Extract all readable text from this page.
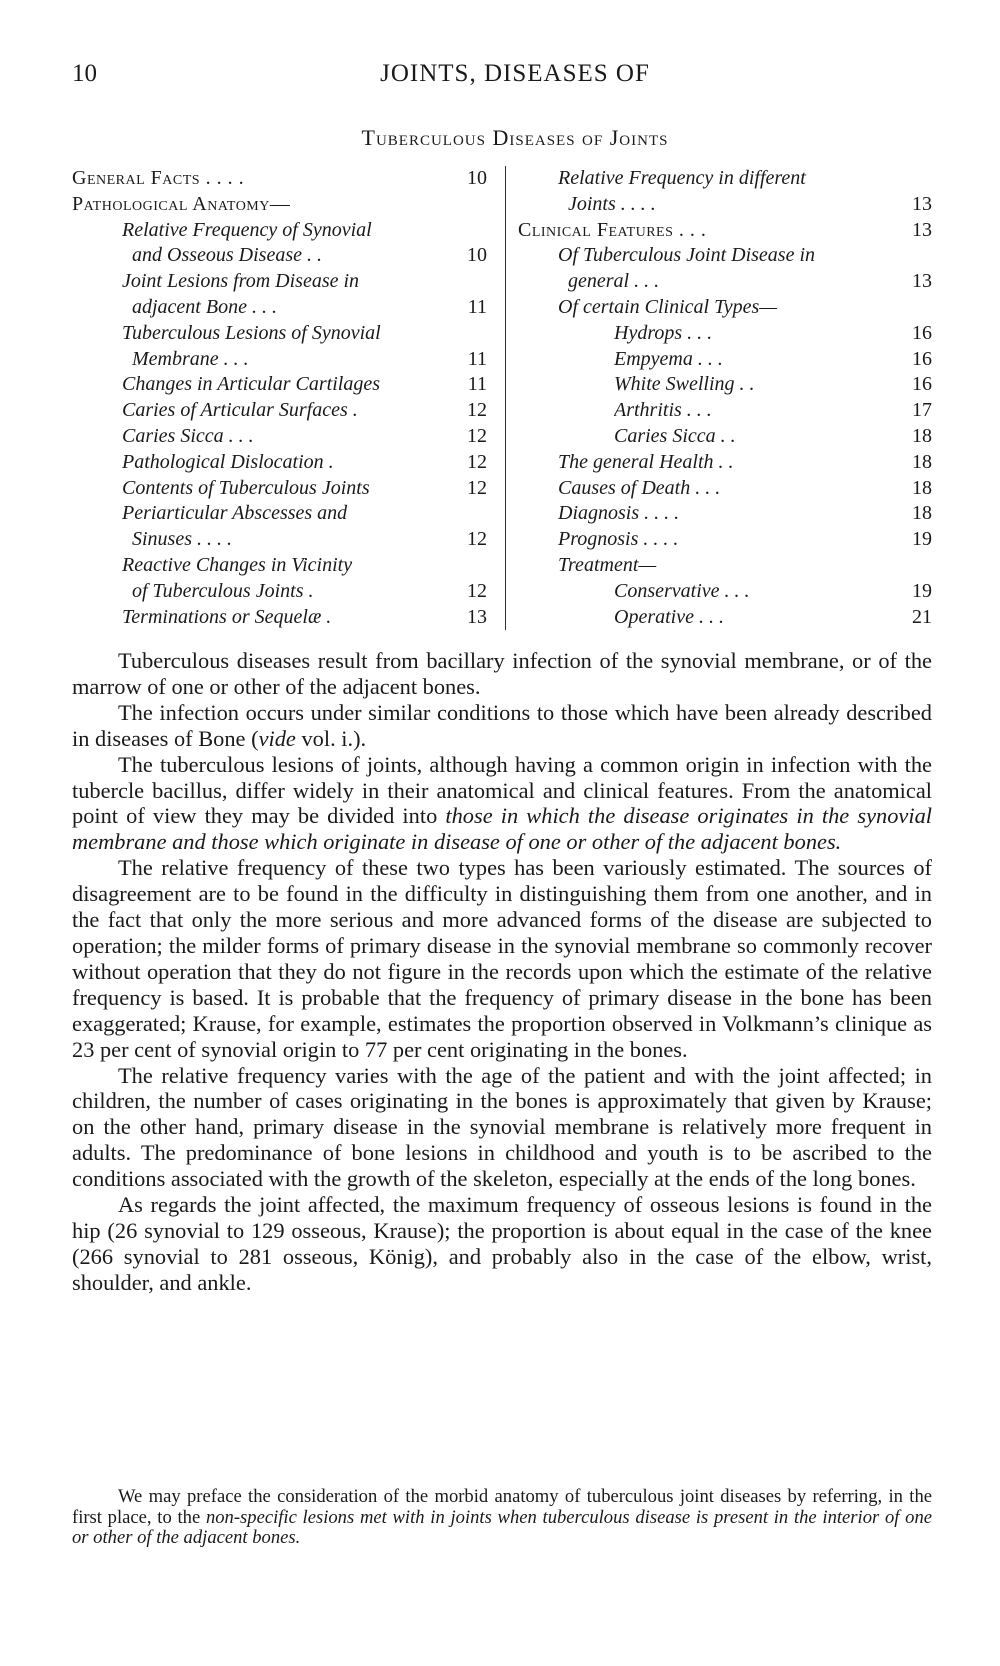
10	JOINTS, DISEASES OF
Tuberculous Diseases of Joints
General Facts . . . .	10
Pathological Anatomy—
Relative Frequency of Synovial
and Osseous Disease . .	10
Joint Lesions from Disease in
adjacent Bone . . .	11
Tuberculous Lesions of Synovial
Membrane . . .	11
Changes in Articular Cartilages	11
Caries of Articular Surfaces .	12
Caries Sicca . . .	12
Pathological Dislocation .	12
Contents of Tuberculous Joints	12
Periarticular Abscesses and
Sinuses . . . .	12
Reactive Changes in Vicinity
of Tuberculous Joints .	12
Terminations or Sequelæ .	13
Relative Frequency in different
Joints . . . .	13
Clinical Features . . .	13
Of Tuberculous Joint Disease in
general . . .	13
Of certain Clinical Types—
Hydrops . . .	16
Empyema . . .	16
White Swelling . .	16
Arthritis . . .	17
Caries Sicca . .	18
The general Health . .	18
Causes of Death . . .	18
Diagnosis . . . .	18
Prognosis . . . .	19
Treatment—
Conservative . . .	19
Operative . . .	21

Tuberculous diseases result from bacillary infection of the synovial membrane, or of the marrow of one or other of the adjacent bones.

The infection occurs under similar conditions to those which have been already described in diseases of Bone (vide vol. i.).

The tuberculous lesions of joints, although having a common origin in infection with the tubercle bacillus, differ widely in their anatomical and clinical features. From the anatomical point of view they may be divided into those in which the disease originates in the synovial membrane and those which originate in disease of one or other of the adjacent bones.

The relative frequency of these two types has been variously estimated. The sources of disagreement are to be found in the difficulty in distinguishing them from one another, and in the fact that only the more serious and more advanced forms of the disease are subjected to operation; the milder forms of primary disease in the synovial membrane so commonly recover without operation that they do not figure in the records upon which the estimate of the relative frequency is based. It is probable that the frequency of primary disease in the bone has been exaggerated; Krause, for example, estimates the proportion observed in Volkmann’s clinique as 23 per cent of synovial origin to 77 per cent originating in the bones.

The relative frequency varies with the age of the patient and with the joint affected; in children, the number of cases originating in the bones is approximately that given by Krause; on the other hand, primary disease in the synovial membrane is relatively more frequent in adults. The predominance of bone lesions in childhood and youth is to be ascribed to the conditions associated with the growth of the skeleton, especially at the ends of the long bones.

As regards the joint affected, the maximum frequency of osseous lesions is found in the hip (26 synovial to 129 osseous, Krause); the proportion is about equal in the case of the knee (266 synovial to 281 osseous, König), and probably also in the case of the elbow, wrist, shoulder, and ankle.

We may preface the consideration of the morbid anatomy of tuberculous joint diseases by referring, in the first place, to the non-specific lesions met with in joints when tuberculous disease is present in the interior of one or other of the adjacent bones.
